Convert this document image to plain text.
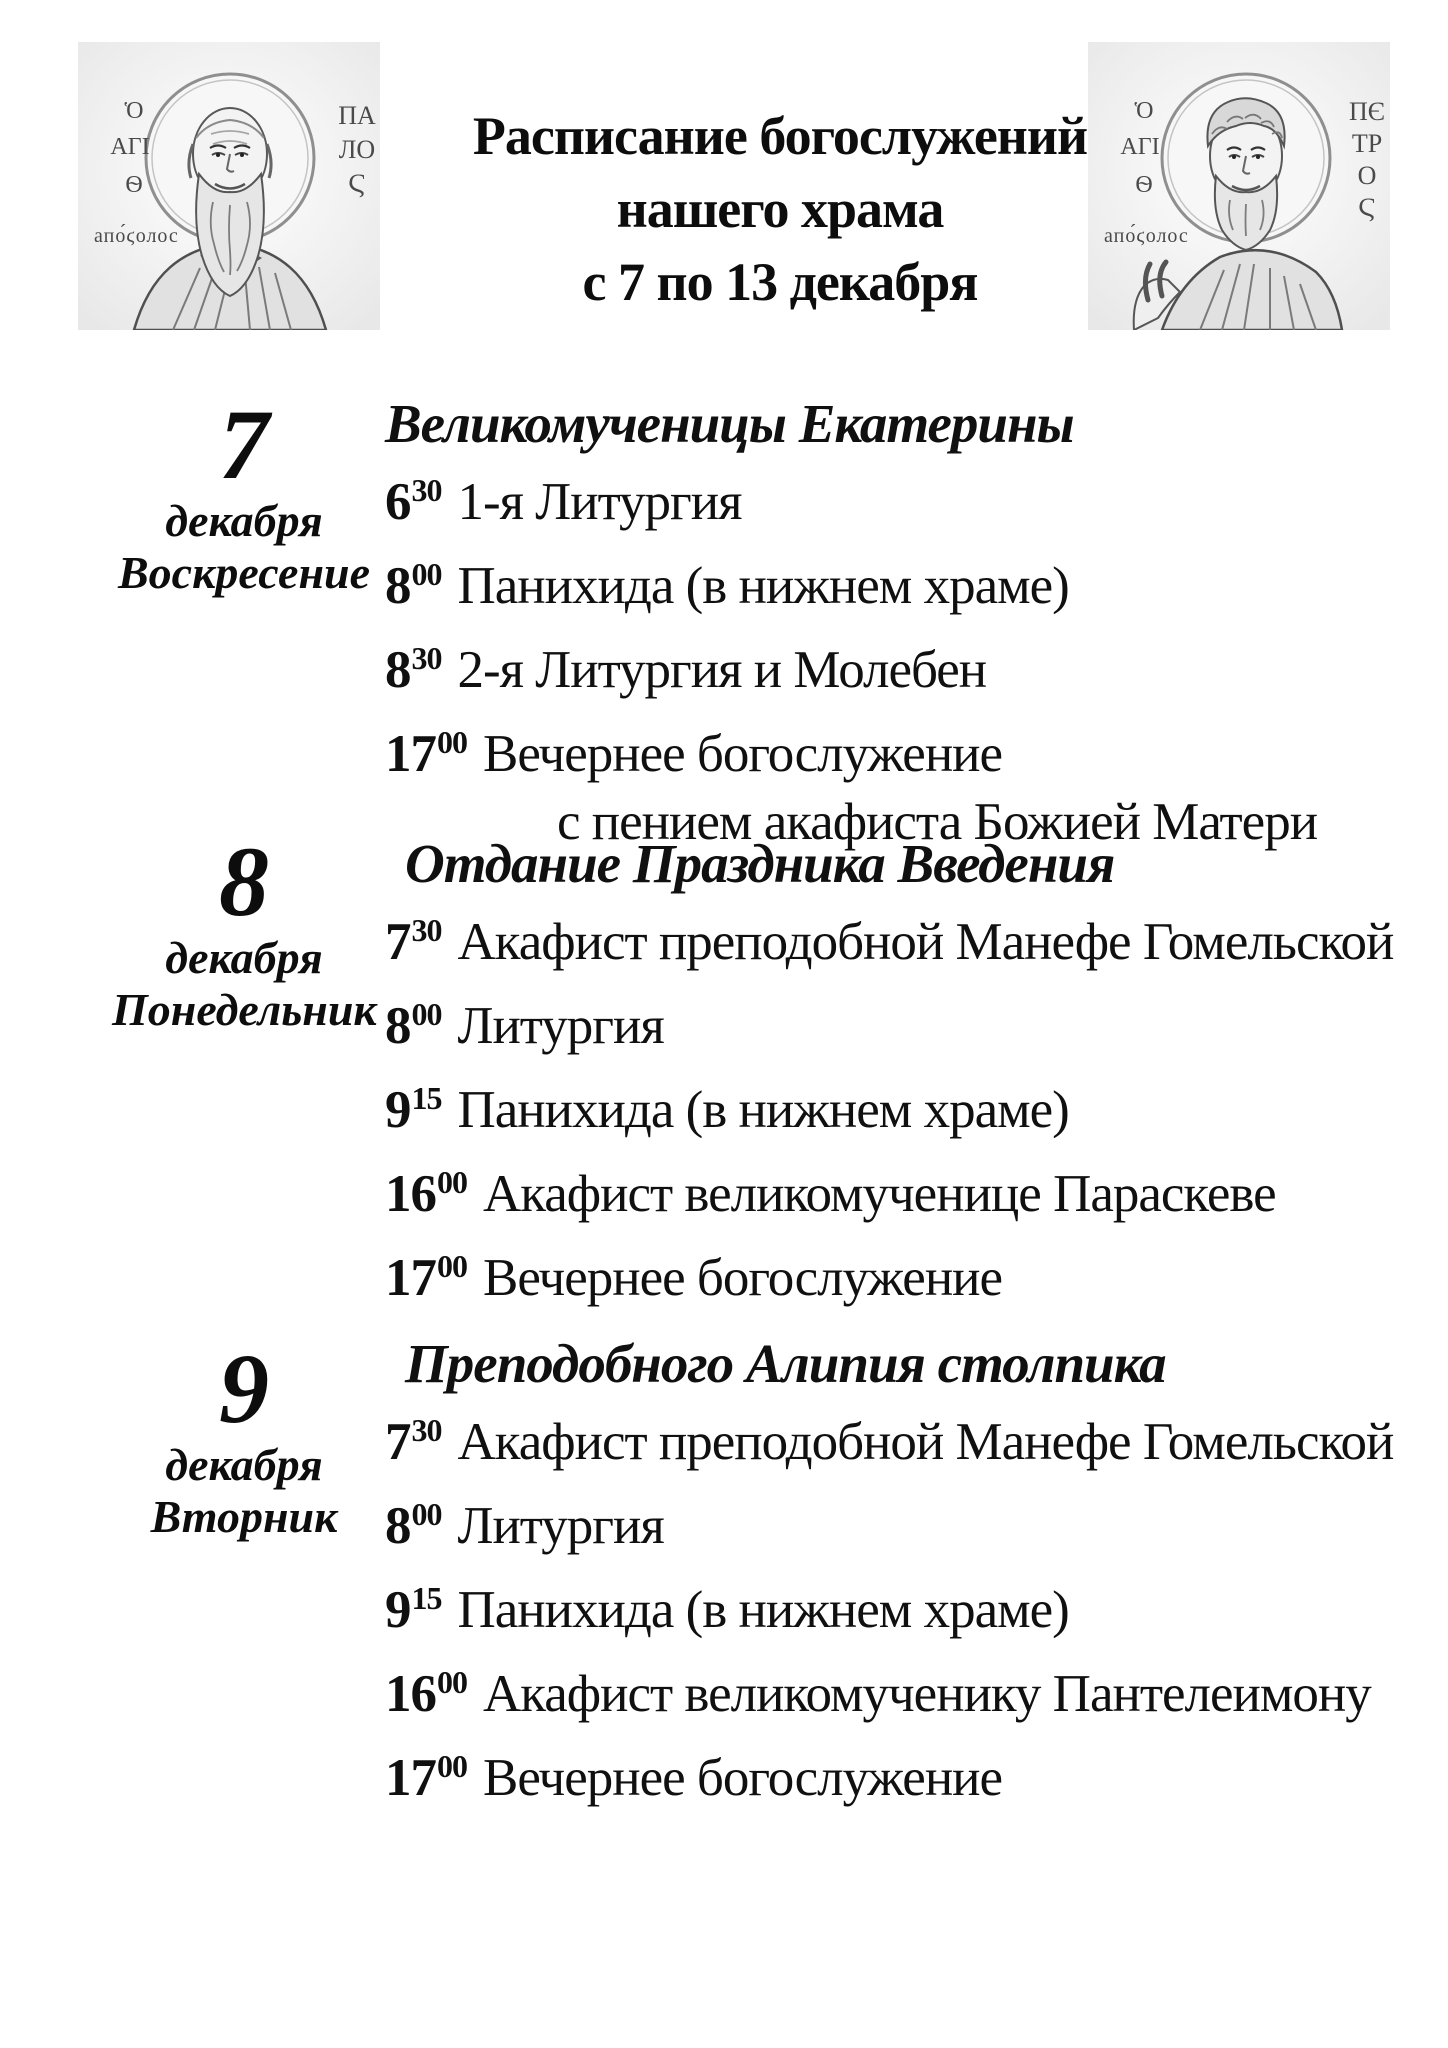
Ὁ
АГІ
Ѳ
ПА
ЛО
Ϛ
апо́ϛолос
Расписание богослужений
нашего храма
с 7 по 13 декабря
Ὁ
АГІ
Ѳ
ПЄ
ТР
О
Ϛ
апо́ϛолос
7
декабря
Воскресение
Великомученицы Екатерины
$6^{30}$ 1-я Литургия
$8^{00}$ Панихида (в нижнем храме)
$8^{30}$ 2-я Литургия и Молебен
$17^{00}$ Вечернее богослужение
с пением акафиста Божией Матери
8
декабря
Понедельник
Отдание Праздника Введения
$7^{30}$ Акафист преподобной Манефе Гомельской
$8^{00}$ Литургия
$9^{15}$ Панихида (в нижнем храме)
$16^{00}$ Акафист великомученице Параскеве
$17^{00}$ Вечернее богослужение
9
декабря
Вторник
Преподобного Алипия столпика
$7^{30}$ Акафист преподобной Манефе Гомельской
$8^{00}$ Литургия
$9^{15}$ Панихида (в нижнем храме)
$16^{00}$ Акафист великомученику Пантелеимону
$17^{00}$ Вечернее богослужение
